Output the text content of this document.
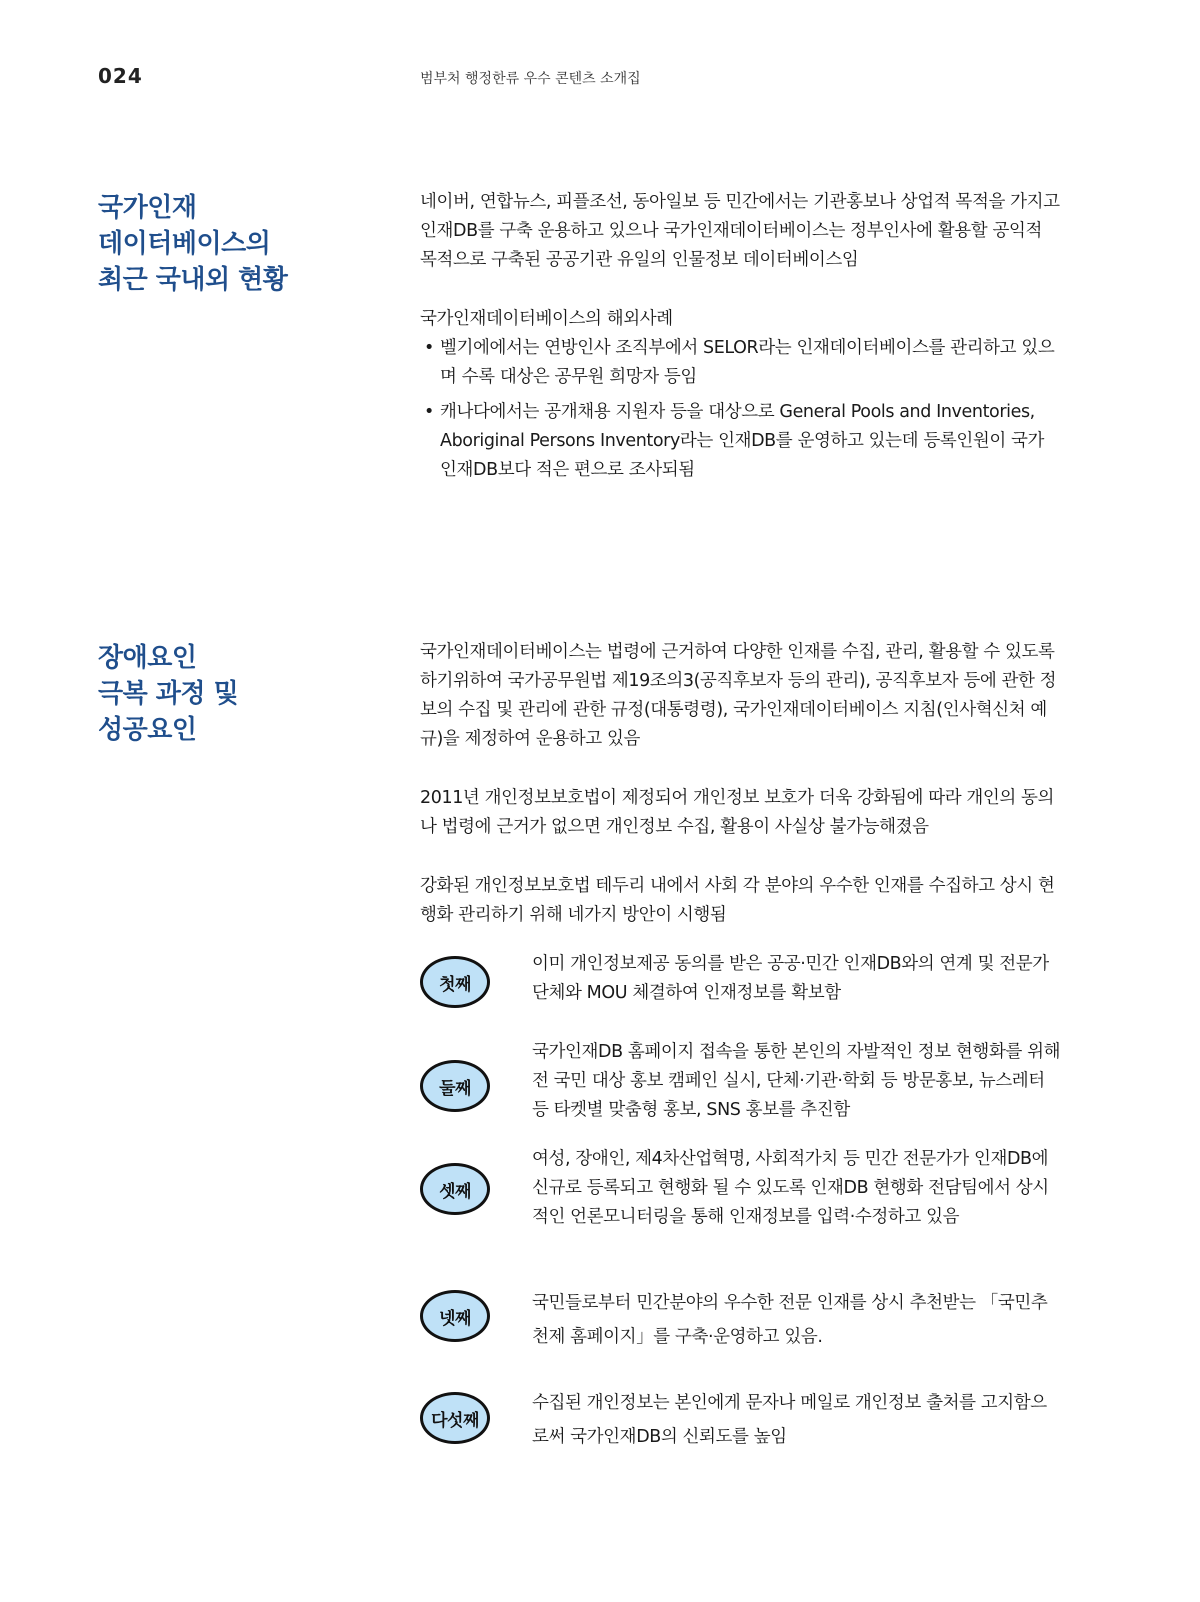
024	범부처 행정한류 우수 콘텐츠 소개집
국가인재
데이터베이스의
최근 국내외 현황

네이버, 연합뉴스, 피플조선, 동아일보 등 민간에서는 기관홍보나 상업적 목적을 가지고 인재DB를 구축 운용하고 있으나 국가인재데이터베이스는 정부인사에 활용할 공익적 목적으로 구축된 공공기관 유일의 인물정보 데이터베이스임

국가인재데이터베이스의 해외사례

• 벨기에에서는 연방인사 조직부에서 SELOR라는 인재데이터베이스를 관리하고 있으며 수록 대상은 공무원 희망자 등임
• 캐나다에서는 공개채용 지원자 등을 대상으로 General Pools and Inventories, Aboriginal Persons Inventory라는 인재DB를 운영하고 있는데 등록인원이 국가인재DB보다 적은 편으로 조사되됨
장애요인
극복 과정 및
성공요인

국가인재데이터베이스는 법령에 근거하여 다양한 인재를 수집, 관리, 활용할 수 있도록 하기위하여 국가공무원법 제19조의3(공직후보자 등의 관리), 공직후보자 등에 관한 정보의 수집 및 관리에 관한 규정(대통령령), 국가인재데이터베이스 지침(인사혁신처 예규)을 제정하여 운용하고 있음

2011년 개인정보보호법이 제정되어 개인정보 보호가 더욱 강화됨에 따라 개인의 동의나 법령에 근거가 없으면 개인정보 수집, 활용이 사실상 불가능해졌음

강화된 개인정보보호법 테두리 내에서 사회 각 분야의 우수한 인재를 수집하고 상시 현행화 관리하기 위해 네가지 방안이 시행됨

첫째
이미 개인정보제공 동의를 받은 공공·민간 인재DB와의 연계 및 전문가단체와 MOU 체결하여 인재정보를 확보함
둘째
국가인재DB 홈페이지 접속을 통한 본인의 자발적인 정보 현행화를 위해 전 국민 대상 홍보 캠페인 실시, 단체·기관·학회 등 방문홍보, 뉴스레터 등 타켓별 맞춤형 홍보, SNS 홍보를 추진함
셋째
여성, 장애인, 제4차산업혁명, 사회적가치 등 민간 전문가가 인재DB에 신규로 등록되고 현행화 될 수 있도록 인재DB 현행화 전담팀에서 상시적인 언론모니터링을 통해 인재정보를 입력·수정하고 있음
넷째
국민들로부터 민간분야의 우수한 전문 인재를 상시 추천받는 「국민추천제 홈페이지」를 구축·운영하고 있음.
다섯째
수집된 개인정보는 본인에게 문자나 메일로 개인정보 출처를 고지함으로써 국가인재DB의 신뢰도를 높임
